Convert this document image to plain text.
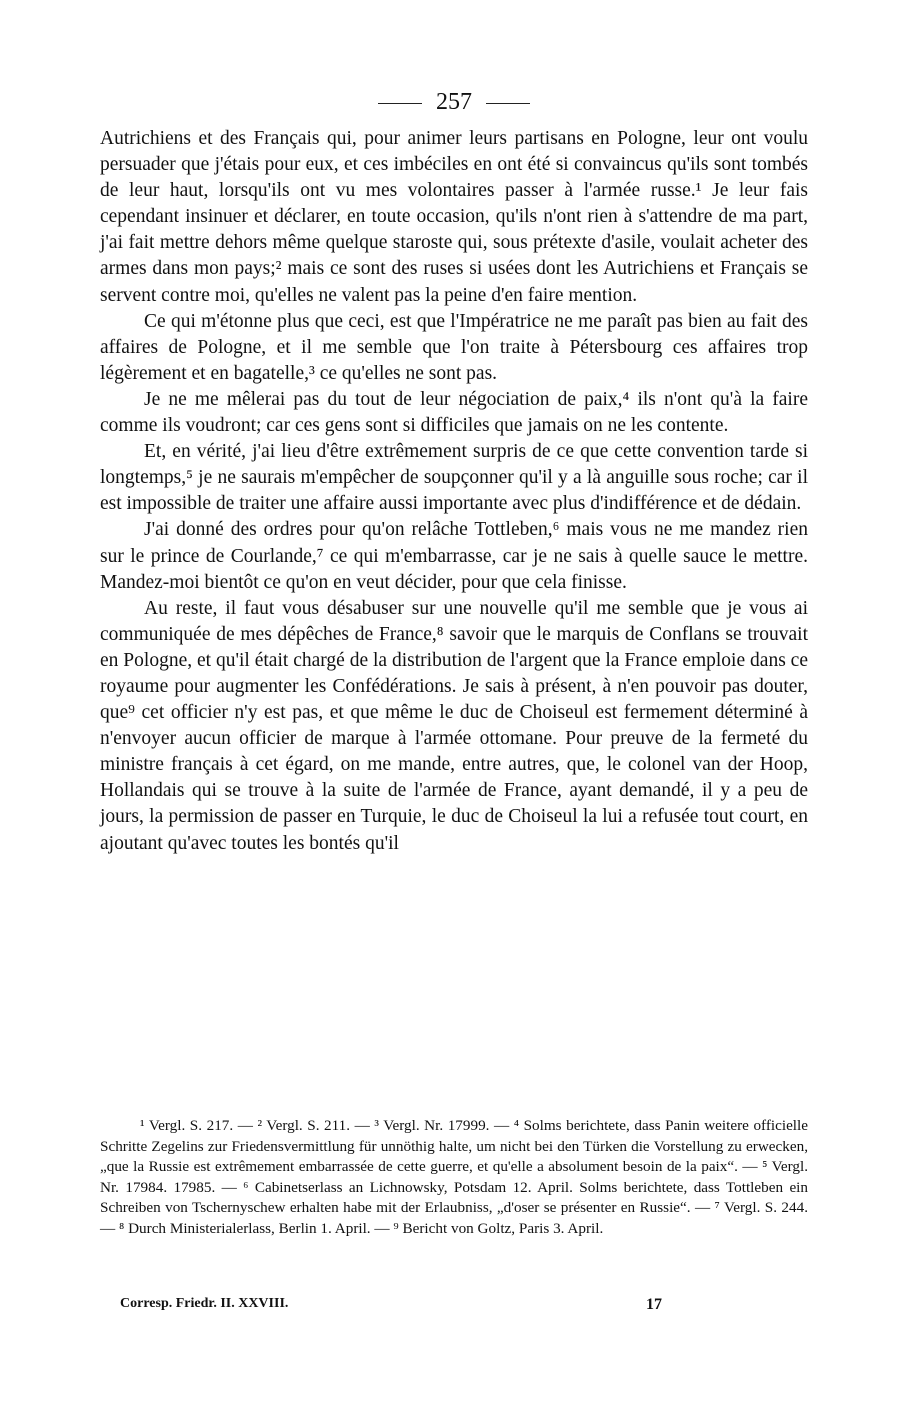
257

Autrichiens et des Français qui, pour animer leurs partisans en Pologne, leur ont voulu persuader que j'étais pour eux, et ces imbéciles en ont été si convaincus qu'ils sont tombés de leur haut, lorsqu'ils ont vu mes volontaires passer à l'armée russe.¹ Je leur fais cependant insinuer et déclarer, en toute occasion, qu'ils n'ont rien à s'attendre de ma part, j'ai fait mettre dehors même quelque staroste qui, sous prétexte d'asile, voulait acheter des armes dans mon pays;² mais ce sont des ruses si usées dont les Autrichiens et Français se servent contre moi, qu'elles ne valent pas la peine d'en faire mention.

Ce qui m'étonne plus que ceci, est que l'Impératrice ne me paraît pas bien au fait des affaires de Pologne, et il me semble que l'on traite à Pétersbourg ces affaires trop légèrement et en bagatelle,³ ce qu'elles ne sont pas.

Je ne me mêlerai pas du tout de leur négociation de paix,⁴ ils n'ont qu'à la faire comme ils voudront; car ces gens sont si difficiles que jamais on ne les contente.

Et, en vérité, j'ai lieu d'être extrêmement surpris de ce que cette convention tarde si longtemps,⁵ je ne saurais m'empêcher de soupçonner qu'il y a là anguille sous roche; car il est impossible de traiter une affaire aussi importante avec plus d'indifférence et de dédain.

J'ai donné des ordres pour qu'on relâche Tottleben,⁶ mais vous ne me mandez rien sur le prince de Courlande,⁷ ce qui m'embarrasse, car je ne sais à quelle sauce le mettre. Mandez-moi bientôt ce qu'on en veut décider, pour que cela finisse.

Au reste, il faut vous désabuser sur une nouvelle qu'il me semble que je vous ai communiquée de mes dépêches de France,⁸ savoir que le marquis de Conflans se trouvait en Pologne, et qu'il était chargé de la distribution de l'argent que la France emploie dans ce royaume pour augmenter les Confédérations. Je sais à présent, à n'en pouvoir pas douter, que⁹ cet officier n'y est pas, et que même le duc de Choiseul est fermement déterminé à n'envoyer aucun officier de marque à l'armée ottomane. Pour preuve de la fermeté du ministre français à cet égard, on me mande, entre autres, que, le colonel van der Hoop, Hollandais qui se trouve à la suite de l'armée de France, ayant demandé, il y a peu de jours, la permission de passer en Turquie, le duc de Choiseul la lui a refusée tout court, en ajoutant qu'avec toutes les bontés qu'il

¹ Vergl. S. 217. — ² Vergl. S. 211. — ³ Vergl. Nr. 17999. — ⁴ Solms berichtete, dass Panin weitere officielle Schritte Zegelins zur Friedensvermittlung für unnöthig halte, um nicht bei den Türken die Vorstellung zu erwecken, „que la Russie est extrêmement embarrassée de cette guerre, et qu'elle a absolument besoin de la paix“. — ⁵ Vergl. Nr. 17984. 17985. — ⁶ Cabinetserlass an Lichnowsky, Potsdam 12. April. Solms berichtete, dass Tottleben ein Schreiben von Tschernyschew erhalten habe mit der Erlaubniss, „d'oser se présenter en Russie“. — ⁷ Vergl. S. 244. — ⁸ Durch Ministerialerlass, Berlin 1. April. — ⁹ Bericht von Goltz, Paris 3. April.

Corresp. Friedr. II. XXVIII.	17
